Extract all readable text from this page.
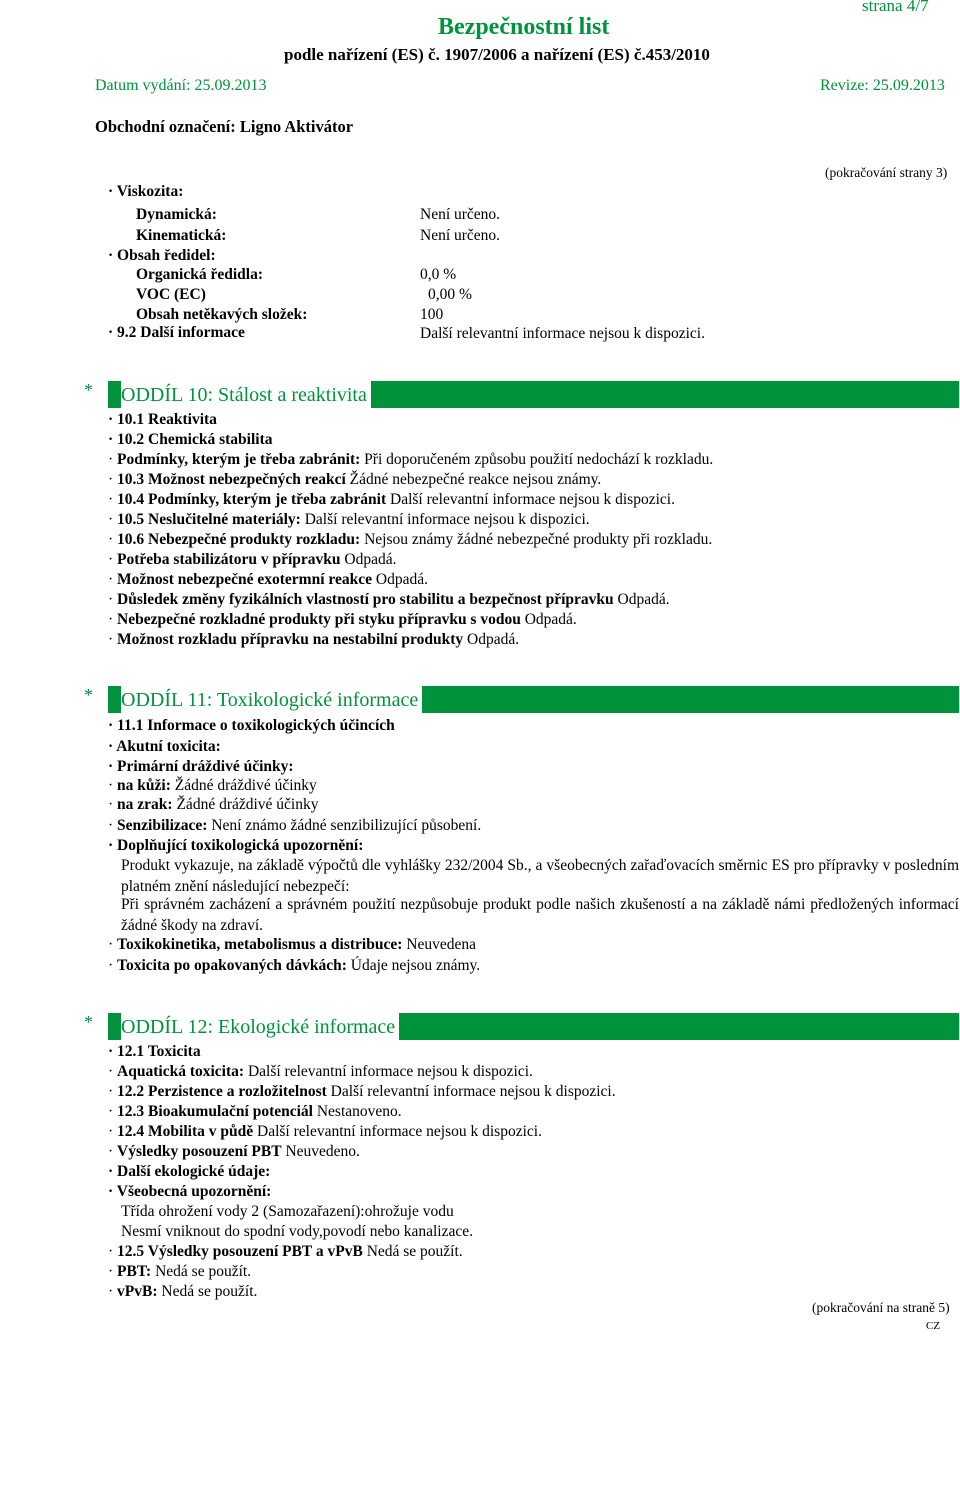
Bezpečnostní list
strana 4/7
podle nařízení (ES) č. 1907/2006 a nařízení (ES) č.453/2010
Datum vydání: 25.09.2013	Revize: 25.09.2013
Obchodní označení: Ligno Aktivátor
(pokračování strany 3)
· Viskozita:
Dynamická:	Není určeno.
Kinematická:	Není určeno.
· Obsah ředidel:
Organická ředidla:	0,0 %
VOC (EC)	0,00 %
Obsah netěkavých složek:	100
· 9.2 Další informace	Další relevantní informace nejsou k dispozici.
* ODDÍL 10: Stálost a reaktivita
· 10.1 Reaktivita
· 10.2 Chemická stabilita
· Podmínky, kterým je třeba zabránit: Při doporučeném způsobu použití nedochází k rozkladu.
· 10.3 Možnost nebezpečných reakcí Žádné nebezpečné reakce nejsou známy.
· 10.4 Podmínky, kterým je třeba zabránit Další relevantní informace nejsou k dispozici.
· 10.5 Neslučitelné materiály: Další relevantní informace nejsou k dispozici.
· 10.6 Nebezpečné produkty rozkladu: Nejsou známy žádné nebezpečné produkty při rozkladu.
· Potřeba stabilizátoru v přípravku Odpadá.
· Možnost nebezpečné exotermní reakce Odpadá.
· Důsledek změny fyzikálních vlastností pro stabilitu a bezpečnost přípravku Odpadá.
· Nebezpečné rozkladné produkty při styku přípravku s vodou Odpadá.
· Možnost rozkladu přípravku na nestabilní produkty Odpadá.
* ODDÍL 11: Toxikologické informace
· 11.1 Informace o toxikologických účincích
· Akutní toxicita:
· Primární dráždivé účinky:
· na kůži: Žádné dráždivé účinky
· na zrak: Žádné dráždivé účinky
· Senzibilizace: Není známo žádné senzibilizující působení.
· Doplňující toxikologická upozornění:
Produkt vykazuje, na základě výpočtů dle vyhlášky 232/2004 Sb., a všeobecných zařaďovacích směrnic ES pro přípravky v posledním platném znění následující nebezpečí:
Při správném zacházení a správném použití nezpůsobuje produkt podle našich zkušeností a na základě námi předložených informací žádné škody na zdraví.
· Toxikokinetika, metabolismus a distribuce: Neuvedena
· Toxicita po opakovaných dávkách: Údaje nejsou známy.
* ODDÍL 12: Ekologické informace
· 12.1 Toxicita
· Aquatická toxicita: Další relevantní informace nejsou k dispozici.
· 12.2 Perzistence a rozložitelnost Další relevantní informace nejsou k dispozici.
· 12.3 Bioakumulační potenciál Nestanoveno.
· 12.4 Mobilita v půdě Další relevantní informace nejsou k dispozici.
· Výsledky posouzení PBT Neuvedeno.
· Další ekologické údaje:
· Všeobecná upozornění:
Třída ohrožení vody 2 (Samozařazení):ohrožuje vodu
Nesmí vniknout do spodní vody,povodí nebo kanalizace.
· 12.5 Výsledky posouzení PBT a vPvB Nedá se použít.
· PBT: Nedá se použít.
· vPvB: Nedá se použít.
(pokračování na straně 5)
CZ
